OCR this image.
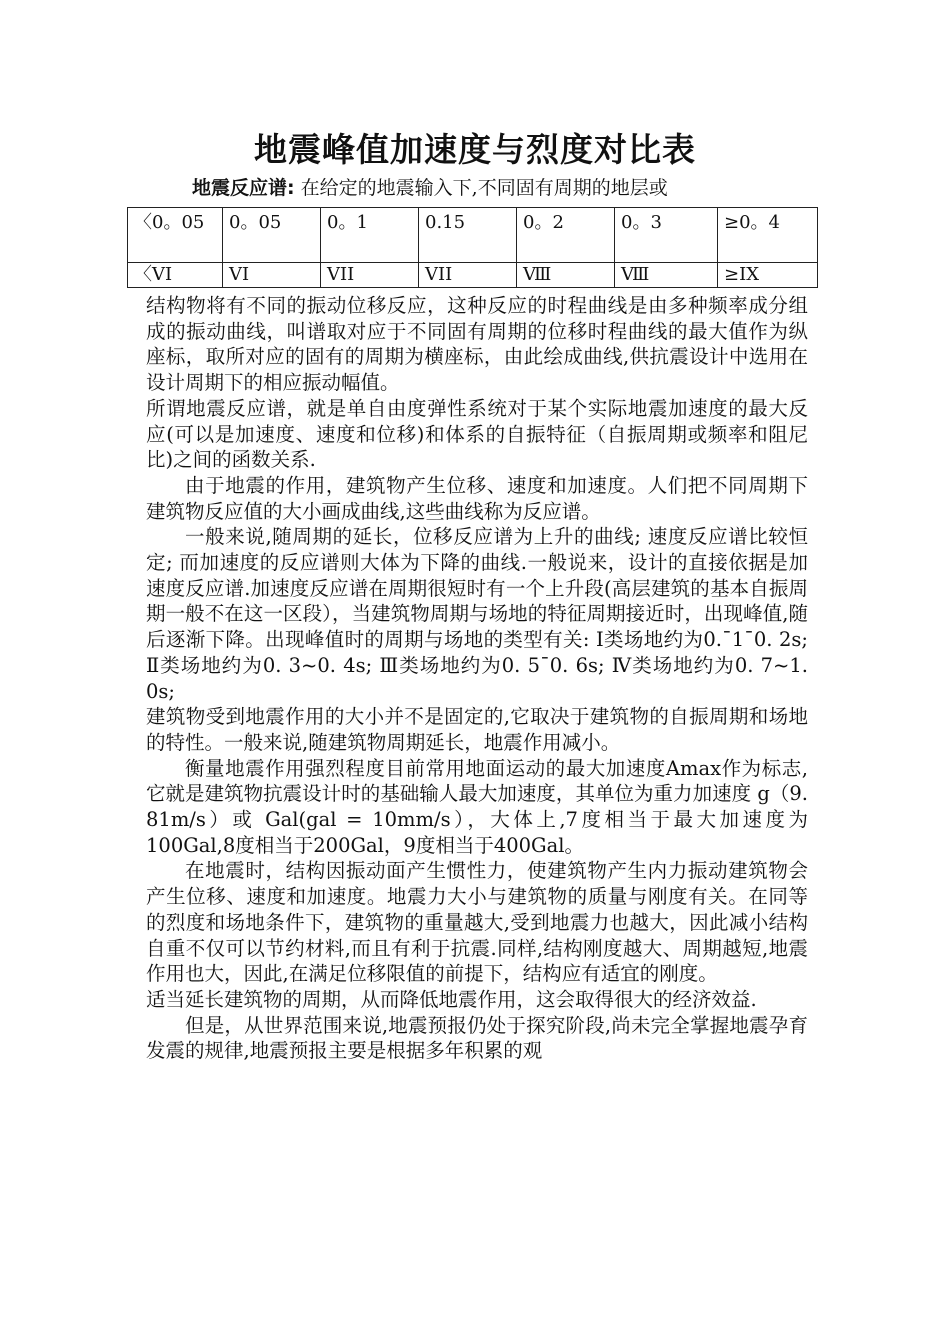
地震峰值加速度与烈度对比表
地震反应谱: 在给定的地震输入下,不同固有周期的地层或
〈0。05	0。05	0。1	0.15	0。2	0。3	≥0。4
〈VI	VI	VII	VII	Ⅷ	Ⅷ	≥IX

结构物将有不同的振动位移反应，这种反应的时程曲线是由多种频率成分组成的振动曲线，叫谱取对应于不同固有周期的位移时程曲线的最大值作为纵座标，取所对应的固有的周期为横座标，由此绘成曲线,供抗震设计中选用在设计周期下的相应振动幅值。

所谓地震反应谱，就是单自由度弹性系统对于某个实际地震加速度的最大反应(可以是加速度、速度和位移)和体系的自振特征（自振周期或频率和阻尼比)之间的函数关系.

由于地震的作用，建筑物产生位移、速度和加速度。人们把不同周期下建筑物反应值的大小画成曲线,这些曲线称为反应谱。

一般来说,随周期的延长，位移反应谱为上升的曲线; 速度反应谱比较恒定; 而加速度的反应谱则大体为下降的曲线.一般说来，设计的直接依据是加速度反应谱.加速度反应谱在周期很短时有一个上升段(高层建筑的基本自振周期一般不在这一区段），当建筑物周期与场地的特征周期接近时，出现峰值,随后逐渐下降。出现峰值时的周期与场地的类型有关: Ⅰ类场地约为0.¯1¯0. 2s; Ⅱ类场地约为0. 3~0. 4s; Ⅲ类场地约为0. 5¯0. 6s; Ⅳ类场地约为0. 7~1. 0s;

建筑物受到地震作用的大小并不是固定的,它取决于建筑物的自振周期和场地的特性。一般来说,随建筑物周期延长，地震作用减小。

衡量地震作用强烈程度目前常用地面运动的最大加速度Amax作为标志,它就是建筑物抗震设计时的基础输人最大加速度，其单位为重力加速度 g（9. 81m/s）或 Gal(gal = 10mm/s），大体上,7度相当于最大加速度为100Gal,8度相当于200Gal，9度相当于400Gal。

在地震时，结构因振动面产生惯性力，使建筑物产生内力振动建筑物会产生位移、速度和加速度。地震力大小与建筑物的质量与刚度有关。在同等的烈度和场地条件下，建筑物的重量越大,受到地震力也越大，因此减小结构自重不仅可以节约材料,而且有利于抗震.同样,结构刚度越大、周期越短,地震作用也大，因此,在满足位移限值的前提下，结构应有适宜的刚度。

适当延长建筑物的周期，从而降低地震作用，这会取得很大的经济效益.

但是，从世界范围来说,地震预报仍处于探究阶段,尚未完全掌握地震孕育发震的规律,地震预报主要是根据多年积累的观
